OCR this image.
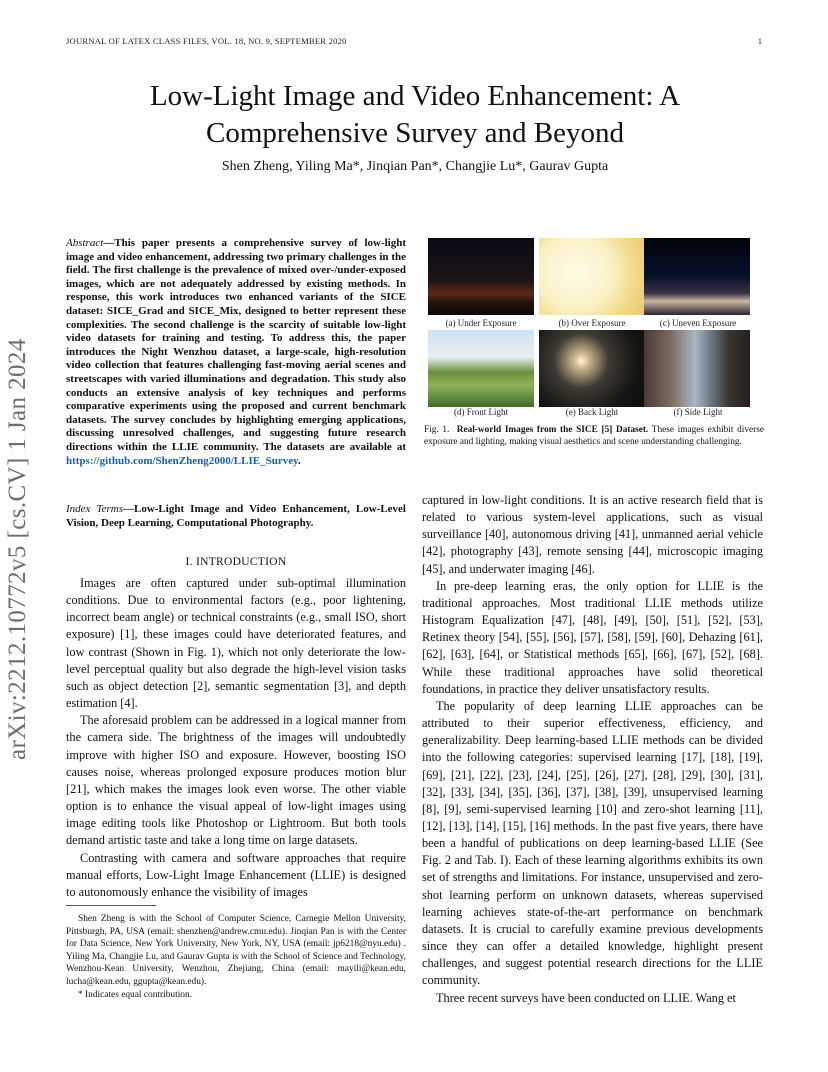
JOURNAL OF LATEX CLASS FILES, VOL. 18, NO. 9, SEPTEMBER 2020	1
arXiv:2212.10772v5 [cs.CV] 1 Jan 2024
Low-Light Image and Video Enhancement: A
Comprehensive Survey and Beyond
Shen Zheng, Yiling Ma*, Jinqian Pan*, Changjie Lu*, Gaurav Gupta
Abstract—This paper presents a comprehensive survey of low-light image and video enhancement, addressing two primary challenges in the field. The first challenge is the prevalence of mixed over-/under-exposed images, which are not adequately addressed by existing methods. In response, this work introduces two enhanced variants of the SICE dataset: SICE_Grad and SICE_Mix, designed to better represent these complexities. The second challenge is the scarcity of suitable low-light video datasets for training and testing. To address this, the paper introduces the Night Wenzhou dataset, a large-scale, high-resolution video collection that features challenging fast-moving aerial scenes and streetscapes with varied illuminations and degradation. This study also conducts an extensive analysis of key techniques and performs comparative experiments using the proposed and current benchmark datasets. The survey concludes by highlighting emerging applications, discussing unresolved challenges, and suggesting future research directions within the LLIE community. The datasets are available at https://github.com/ShenZheng2000/LLIE_Survey.
Index Terms—Low-Light Image and Video Enhancement, Low-Level Vision, Deep Learning, Computational Photography.
I. INTRODUCTION

Images are often captured under sub-optimal illumination conditions. Due to environmental factors (e.g., poor lightening, incorrect beam angle) or technical constraints (e.g., small ISO, short exposure) [1], these images could have deteriorated features, and low contrast (Shown in Fig. 1), which not only deteriorate the low-level perceptual quality but also degrade the high-level vision tasks such as object detection [2], semantic segmentation [3], and depth estimation [4].

The aforesaid problem can be addressed in a logical manner from the camera side. The brightness of the images will undoubtedly improve with higher ISO and exposure. However, boosting ISO causes noise, whereas prolonged exposure produces motion blur [21], which makes the images look even worse. The other viable option is to enhance the visual appeal of low-light images using image editing tools like Photoshop or Lightroom. But both tools demand artistic taste and take a long time on large datasets.

Contrasting with camera and software approaches that require manual efforts, Low-Light Image Enhancement (LLIE) is designed to autonomously enhance the visibility of images

Shen Zheng is with the School of Computer Science, Carnegie Mellon University, Pittsburgh, PA, USA (email: shenzhen@andrew.cmu.edu). Jinqian Pan is with the Center for Data Science, New York University, New York, NY, USA (email: jp6218@nyu.edu) . Yiling Ma, Changjie Lu, and Gaurav Gupta is with the School of Science and Technology, Wenzhou-Kean University, Wenzhou, Zhejiang, China (email: mayili@kean.edu, lucha@kean.edu, ggupta@kean.edu).

* Indicates equal contribution.

(a) Under Exposure	(b) Over Exposure	(c) Uneven Exposure
(d) Front Light	(e) Back Light	(f) Side Light
Fig. 1. Real-world Images from the SICE [5] Dataset. These images exhibit diverse exposure and lighting, making visual aesthetics and scene understanding challenging.

captured in low-light conditions. It is an active research field that is related to various system-level applications, such as visual surveillance [40], autonomous driving [41], unmanned aerial vehicle [42], photography [43], remote sensing [44], microscopic imaging [45], and underwater imaging [46].

In pre-deep learning eras, the only option for LLIE is the traditional approaches. Most traditional LLIE methods utilize Histogram Equalization [47], [48], [49], [50], [51], [52], [53], Retinex theory [54], [55], [56], [57], [58], [59], [60], Dehazing [61], [62], [63], [64], or Statistical methods [65], [66], [67], [52], [68]. While these traditional approaches have solid theoretical foundations, in practice they deliver unsatisfactory results.

The popularity of deep learning LLIE approaches can be attributed to their superior effectiveness, efficiency, and generalizability. Deep learning-based LLIE methods can be divided into the following categories: supervised learning [17], [18], [19], [69], [21], [22], [23], [24], [25], [26], [27], [28], [29], [30], [31], [32], [33], [34], [35], [36], [37], [38], [39], unsupervised learning [8], [9], semi-supervised learning [10] and zero-shot learning [11], [12], [13], [14], [15], [16] methods. In the past five years, there have been a handful of publications on deep learning-based LLIE (See Fig. 2 and Tab. I). Each of these learning algorithms exhibits its own set of strengths and limitations. For instance, unsupervised and zero-shot learning perform on unknown datasets, whereas supervised learning achieves state-of-the-art performance on benchmark datasets. It is crucial to carefully examine previous developments since they can offer a detailed knowledge, highlight present challenges, and suggest potential research directions for the LLIE community.

Three recent surveys have been conducted on LLIE. Wang et
